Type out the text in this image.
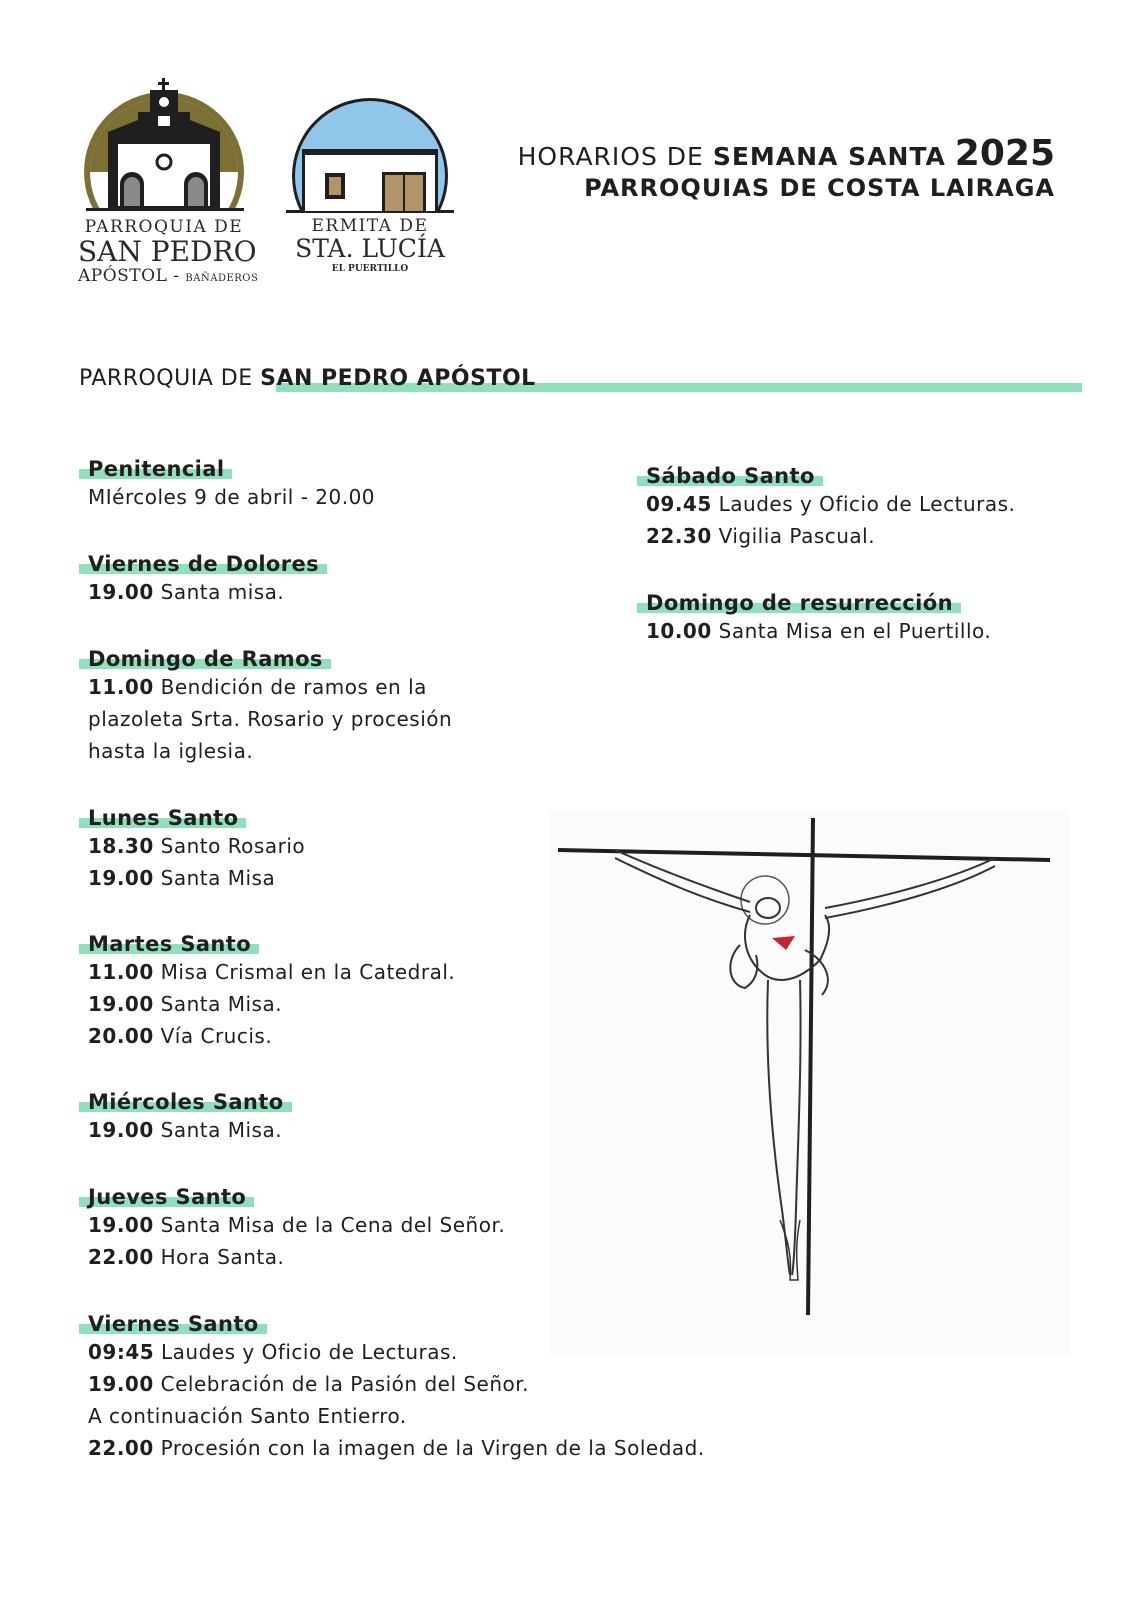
PARROQUIA DE
SAN PEDRO
APÓSTOL - BAÑADEROS
ERMITA DE
STA. LUCÍA
EL PUERTILLO
HORARIOS DE SEMANA SANTA 2025
PARROQUIAS DE COSTA LAIRAGA
PARROQUIA DE SAN PEDRO APÓSTOL
Penitencial
MIércoles 9 de abril - 20.00
Viernes de Dolores
19.00 Santa misa.
Domingo de Ramos
11.00 Bendición de ramos en la
plazoleta Srta. Rosario y procesión
hasta la iglesia.
Lunes Santo
18.30 Santo Rosario
19.00 Santa Misa
Martes Santo
11.00 Misa Crismal en la Catedral.
19.00 Santa Misa.
20.00 Vía Crucis.
Miércoles Santo
19.00 Santa Misa.
Jueves Santo
19.00 Santa Misa de la Cena del Señor.
22.00 Hora Santa.
Viernes Santo
09:45 Laudes y Oficio de Lecturas.
19.00 Celebración de la Pasión del Señor.
A continuación Santo Entierro.
22.00 Procesión con la imagen de la Virgen de la Soledad.
Sábado Santo
09.45 Laudes y Oficio de Lecturas.
22.30 Vigilia Pascual.
Domingo de resurrección
10.00 Santa Misa en el Puertillo.
